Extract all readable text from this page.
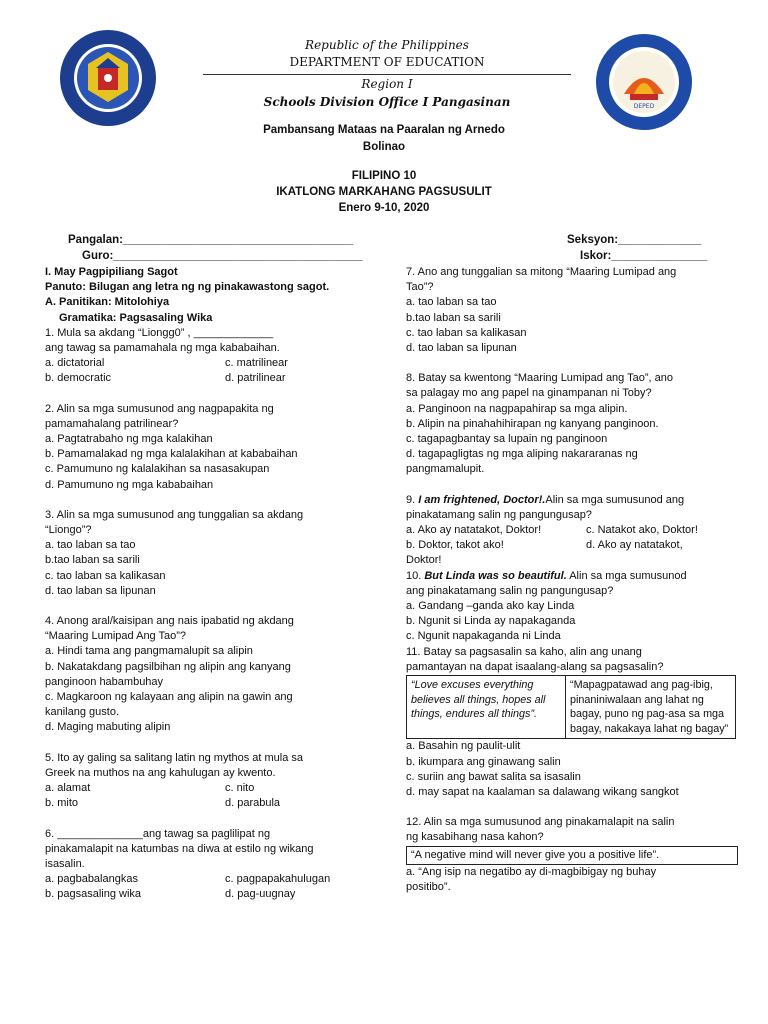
DEPED
Republic of the Philippines
DEPARTMENT OF EDUCATION
Region I
Schools Division Office I Pangasinan
Pambansang Mataas na Paaralan ng Arnedo
Bolinao
FILIPINO 10
IKATLONG MARKAHANG PAGSUSULIT
Enero 9-10, 2020
Pangalan:____________________________________
Guro:_______________________________________
Seksyon:_____________
Iskor:_______________

I. May Pagpipiliang Sagot

Panuto: Bilugan ang letra ng ng pinakawastong sagot.

A. Panitikan: Mitolohiya

Gramatika: Pagsasaling Wika

1. Mula sa akdang “Liongg0” , _____________

ang tawag sa pamamahala ng mga kababaihan.

a. dictatorial	c. matrilinear

b. democratic	d. patrilinear

2. Alin sa mga sumusunod ang nagpapakita ng

pamamahalang patrilinear?

a. Pagtatrabaho ng mga kalakihan

b. Pamamalakad ng mga kalalakihan at kababaihan

c. Pamumuno ng kalalakihan sa nasasakupan

d. Pamumuno ng mga kababaihan

3. Alin sa mga sumusunod ang tunggalian sa akdang

“Liongo”?

a. tao laban sa tao

b.tao laban sa sarili

c. tao laban sa kalikasan

d. tao laban sa lipunan

4. Anong aral/kaisipan ang nais ipabatid ng akdang

“Maaring Lumipad Ang Tao”?

a. Hindi tama ang pangmamalupit sa alipin

b. Nakatakdang pagsilbihan ng alipin ang kanyang

panginoon habambuhay

c. Magkaroon ng kalayaan ang alipin na gawin ang

kanilang gusto.

d. Maging mabuting alipin

5. Ito ay galing sa salitang latin ng mythos at mula sa

Greek na muthos na ang kahulugan ay kwento.

a. alamat	c. nito

b. mito	d. parabula

6. ______________ang tawag sa paglilipat ng

pinakamalapit na katumbas na diwa at estilo ng wikang

isasalin.

a. pagbabalangkas	c. pagpapakahulugan

b. pagsasaling wika	d. pag-uugnay

7. Ano ang tunggalian sa mitong “Maaring Lumipad ang

Tao”?

a. tao laban sa tao

b.tao laban sa sarili

c. tao laban sa kalikasan

d. tao laban sa lipunan

8. Batay sa kwentong “Maaring Lumipad ang Tao”, ano

sa palagay mo ang papel na ginampanan ni Toby?

a. Panginoon na nagpapahirap sa mga alipin.

b. Alipin na pinahahihirapan ng kanyang panginoon.

c. tagapagbantay sa lupain ng panginoon

d. tagapagligtas ng mga aliping nakararanas ng

pangmamalupit.

9. I am frightened, Doctor!.Alin sa mga sumusunod ang

pinakatamang salin ng pangungusap?

a. Ako ay natatakot, Doktor!	c. Natakot ako, Doktor!

b. Doktor, takot ako!	d. Ako ay natatakot,

Doktor!

10. But Linda was so beautiful. Alin sa mga sumusunod

ang pinakatamang salin ng pangungusap?

a. Gandang –ganda ako kay Linda

b. Ngunit si Linda ay napakaganda

c. Ngunit napakaganda ni Linda

11. Batay sa pagsasalin sa kaho, alin ang unang

pamantayan na dapat isaalang-alang sa pagsasalin?

“Love excuses everything believes all things, hopes all things, endures all things”.	“Mapagpatawad ang pag-ibig, pinaniniwalaan ang lahat ng bagay, puno ng pag-asa sa mga bagay, nakakaya lahat ng bagay”

a. Basahin ng paulit-ulit

b. ikumpara ang ginawang salin

c. suriin ang bawat salita sa isasalin

d. may sapat na kaalaman sa dalawang wikang sangkot

12. Alin sa mga sumusunod ang pinakamalapit na salin

ng kasabihang nasa kahon?

“A negative mind will never give you a positive life”.

a. “Ang isip na negatibo ay di-magbibigay ng buhay

positibo”.
